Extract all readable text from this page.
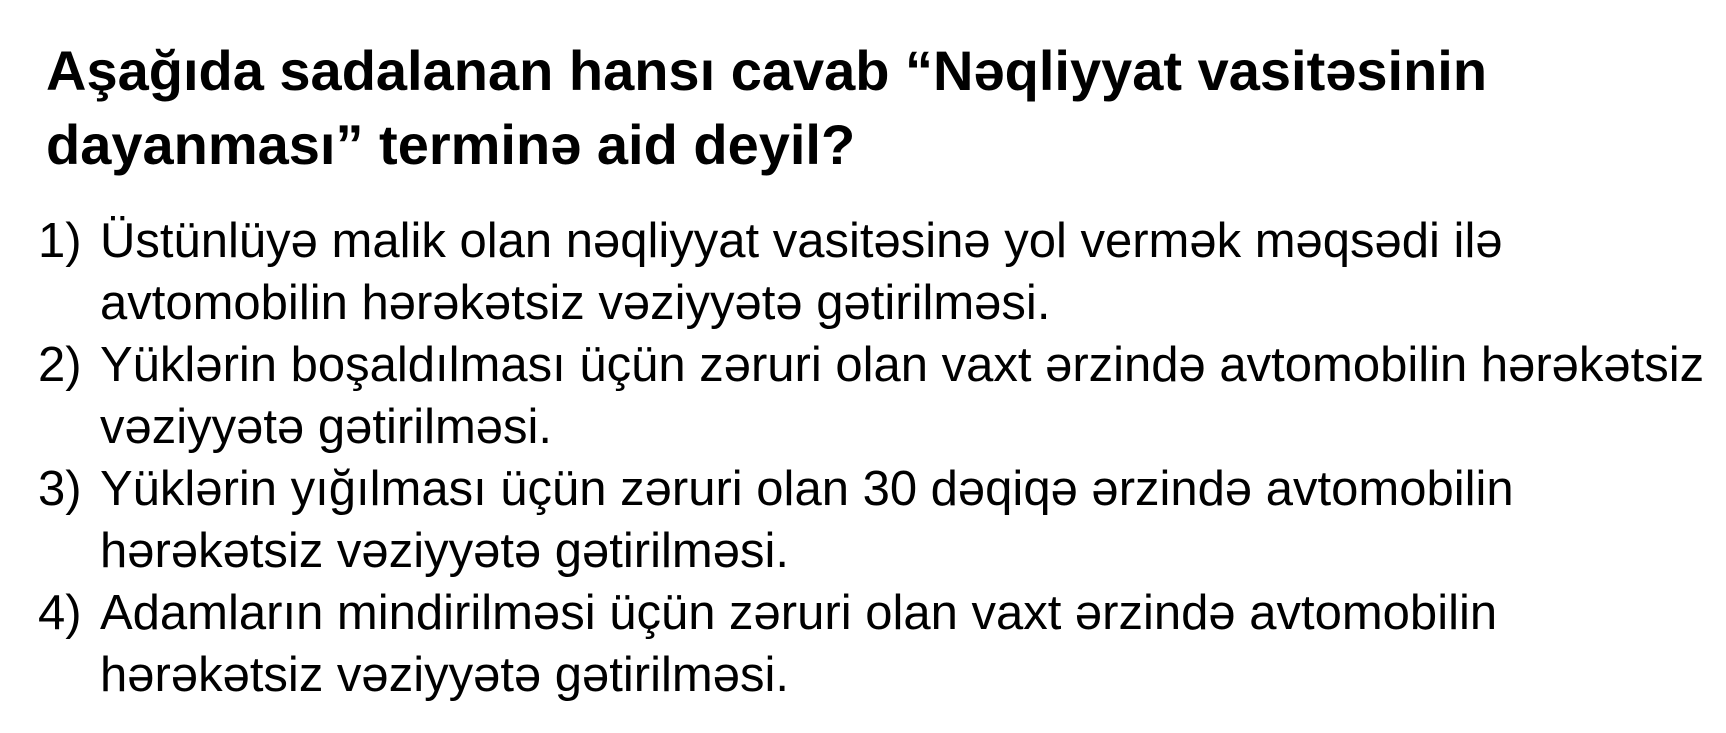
Aşağıda sadalanan hansı cavab “Nəqliyyat vasitəsinin dayanması” terminə aid deyil?
1) Üstünlüyə malik olan nəqliyyat vasitəsinə yol vermək məqsədi ilə avtomobilin hərəkətsiz vəziyyətə gətirilməsi.
2) Yüklərin boşaldılması üçün zəruri olan vaxt ərzində avtomobilin hərəkətsiz vəziyyətə gətirilməsi.
3) Yüklərin yığılması üçün zəruri olan 30 dəqiqə ərzində avtomobilin hərəkətsiz vəziyyətə gətirilməsi.
4) Adamların mindirilməsi üçün zəruri olan vaxt ərzində avtomobilin hərəkətsiz vəziyyətə gətirilməsi.
